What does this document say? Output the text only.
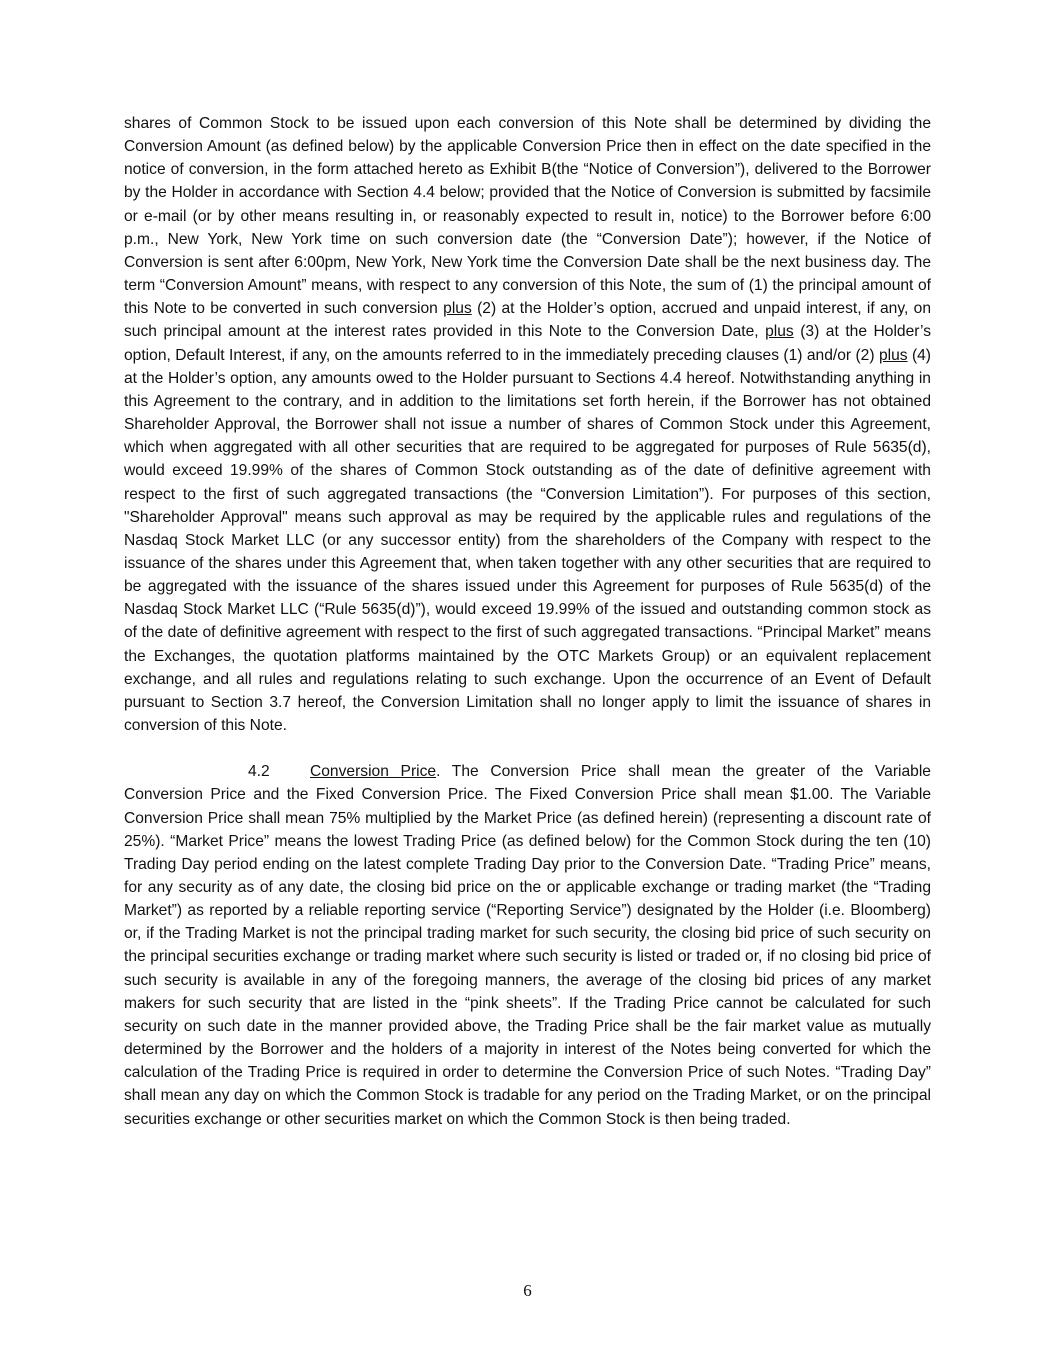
shares of Common Stock to be issued upon each conversion of this Note shall be determined by dividing the Conversion Amount (as defined below) by the applicable Conversion Price then in effect on the date specified in the notice of conversion, in the form attached hereto as Exhibit B(the “Notice of Conversion”), delivered to the Borrower by the Holder in accordance with Section 4.4 below; provided that the Notice of Conversion is submitted by facsimile or e-mail (or by other means resulting in, or reasonably expected to result in, notice) to the Borrower before 6:00 p.m., New York, New York time on such conversion date (the “Conversion Date”); however, if the Notice of Conversion is sent after 6:00pm, New York, New York time the Conversion Date shall be the next business day. The term “Conversion Amount” means, with respect to any conversion of this Note, the sum of (1) the principal amount of this Note to be converted in such conversion plus (2) at the Holder’s option, accrued and unpaid interest, if any, on such principal amount at the interest rates provided in this Note to the Conversion Date, plus (3) at the Holder’s option, Default Interest, if any, on the amounts referred to in the immediately preceding clauses (1) and/or (2) plus (4) at the Holder’s option, any amounts owed to the Holder pursuant to Sections 4.4 hereof. Notwithstanding anything in this Agreement to the contrary, and in addition to the limitations set forth herein, if the Borrower has not obtained Shareholder Approval, the Borrower shall not issue a number of shares of Common Stock under this Agreement, which when aggregated with all other securities that are required to be aggregated for purposes of Rule 5635(d), would exceed 19.99% of the shares of Common Stock outstanding as of the date of definitive agreement with respect to the first of such aggregated transactions (the “Conversion Limitation”). For purposes of this section, "Shareholder Approval" means such approval as may be required by the applicable rules and regulations of the Nasdaq Stock Market LLC (or any successor entity) from the shareholders of the Company with respect to the issuance of the shares under this Agreement that, when taken together with any other securities that are required to be aggregated with the issuance of the shares issued under this Agreement for purposes of Rule 5635(d) of the Nasdaq Stock Market LLC (“Rule 5635(d)”), would exceed 19.99% of the issued and outstanding common stock as of the date of definitive agreement with respect to the first of such aggregated transactions. “Principal Market” means the Exchanges, the quotation platforms maintained by the OTC Markets Group) or an equivalent replacement exchange, and all rules and regulations relating to such exchange. Upon the occurrence of an Event of Default pursuant to Section 3.7 hereof, the Conversion Limitation shall no longer apply to limit the issuance of shares in conversion of this Note.

4.2	Conversion Price. The Conversion Price shall mean the greater of the Variable Conversion Price and the Fixed Conversion Price. The Fixed Conversion Price shall mean $1.00. The Variable Conversion Price shall mean 75% multiplied by the Market Price (as defined herein) (representing a discount rate of 25%). “Market Price” means the lowest Trading Price (as defined below) for the Common Stock during the ten (10) Trading Day period ending on the latest complete Trading Day prior to the Conversion Date. “Trading Price” means, for any security as of any date, the closing bid price on the or applicable exchange or trading market (the “Trading Market”) as reported by a reliable reporting service (“Reporting Service”) designated by the Holder (i.e. Bloomberg) or, if the Trading Market is not the principal trading market for such security, the closing bid price of such security on the principal securities exchange or trading market where such security is listed or traded or, if no closing bid price of such security is available in any of the foregoing manners, the average of the closing bid prices of any market makers for such security that are listed in the “pink sheets”. If the Trading Price cannot be calculated for such security on such date in the manner provided above, the Trading Price shall be the fair market value as mutually determined by the Borrower and the holders of a majority in interest of the Notes being converted for which the calculation of the Trading Price is required in order to determine the Conversion Price of such Notes. “Trading Day” shall mean any day on which the Common Stock is tradable for any period on the Trading Market, or on the principal securities exchange or other securities market on which the Common Stock is then being traded.

6
